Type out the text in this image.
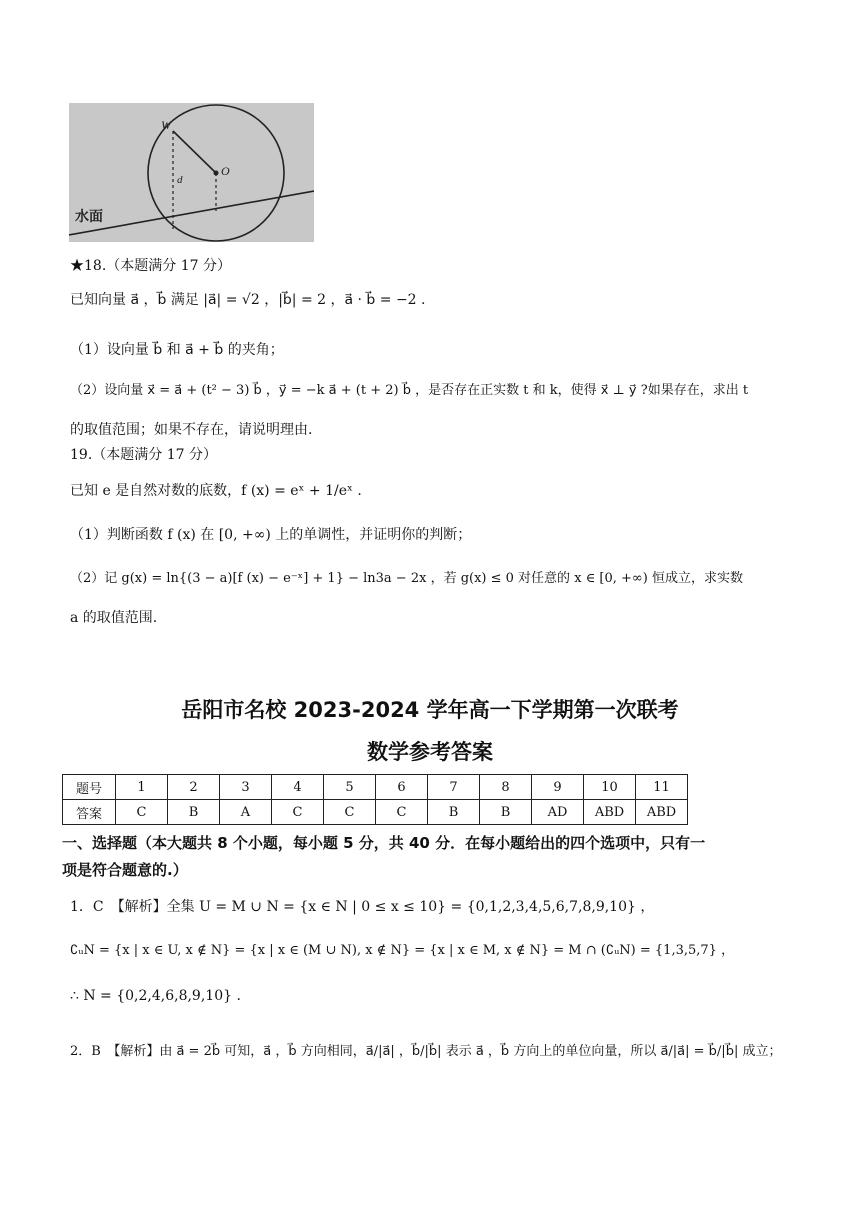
W
O
d
水面
★18.（本题满分 17 分）
已知向量 a⃗ ，b⃗ 满足 |a⃗| = √2 ，|b⃗| = 2 ，a⃗ · b⃗ = −2 .
（1）设向量 b⃗ 和 a⃗ + b⃗ 的夹角；
（2）设向量 x⃗ = a⃗ + (t² − 3) b⃗ ，y⃗ = −k a⃗ + (t + 2) b⃗ ，是否存在正实数 t 和 k，使得 x⃗ ⊥ y⃗ ?如果存在，求出 t
的取值范围；如果不存在，请说明理由.
19.（本题满分 17 分）
已知 e 是自然对数的底数，f (x) = eˣ + 1/eˣ .
（1）判断函数 f (x) 在 [0, +∞) 上的单调性，并证明你的判断；
（2）记 g(x) = ln{(3 − a)[f (x) − e⁻ˣ] + 1} − ln3a − 2x ，若 g(x) ≤ 0 对任意的 x ∈ [0, +∞) 恒成立，求实数
a 的取值范围.
岳阳市名校 2023-2024 学年高一下学期第一次联考
数学参考答案
题号	1	2	3	4	5	6	7	8	9	10	11
答案	C	B	A	C	C	C	B	B	AD	ABD	ABD
一、选择题（本大题共 8 个小题，每小题 5 分，共 40 分．在每小题给出的四个选项中，只有一
项是符合题意的.）
1．C　【解析】全集 U = M ∪ N = {x ∈ N | 0 ≤ x ≤ 10} = {0,1,2,3,4,5,6,7,8,9,10} ，
∁ᵤN = {x | x ∈ U, x ∉ N} = {x | x ∈ (M ∪ N), x ∉ N} = {x | x ∈ M, x ∉ N} = M ∩ (∁ᵤN) = {1,3,5,7} ，
∴ N = {0,2,4,6,8,9,10} .
2．B　【解析】由 a⃗ = 2b⃗ 可知，a⃗ ，b⃗ 方向相同，a⃗/|a⃗| ，b⃗/|b⃗| 表示 a⃗ ，b⃗ 方向上的单位向量，所以 a⃗/|a⃗| = b⃗/|b⃗| 成立；
